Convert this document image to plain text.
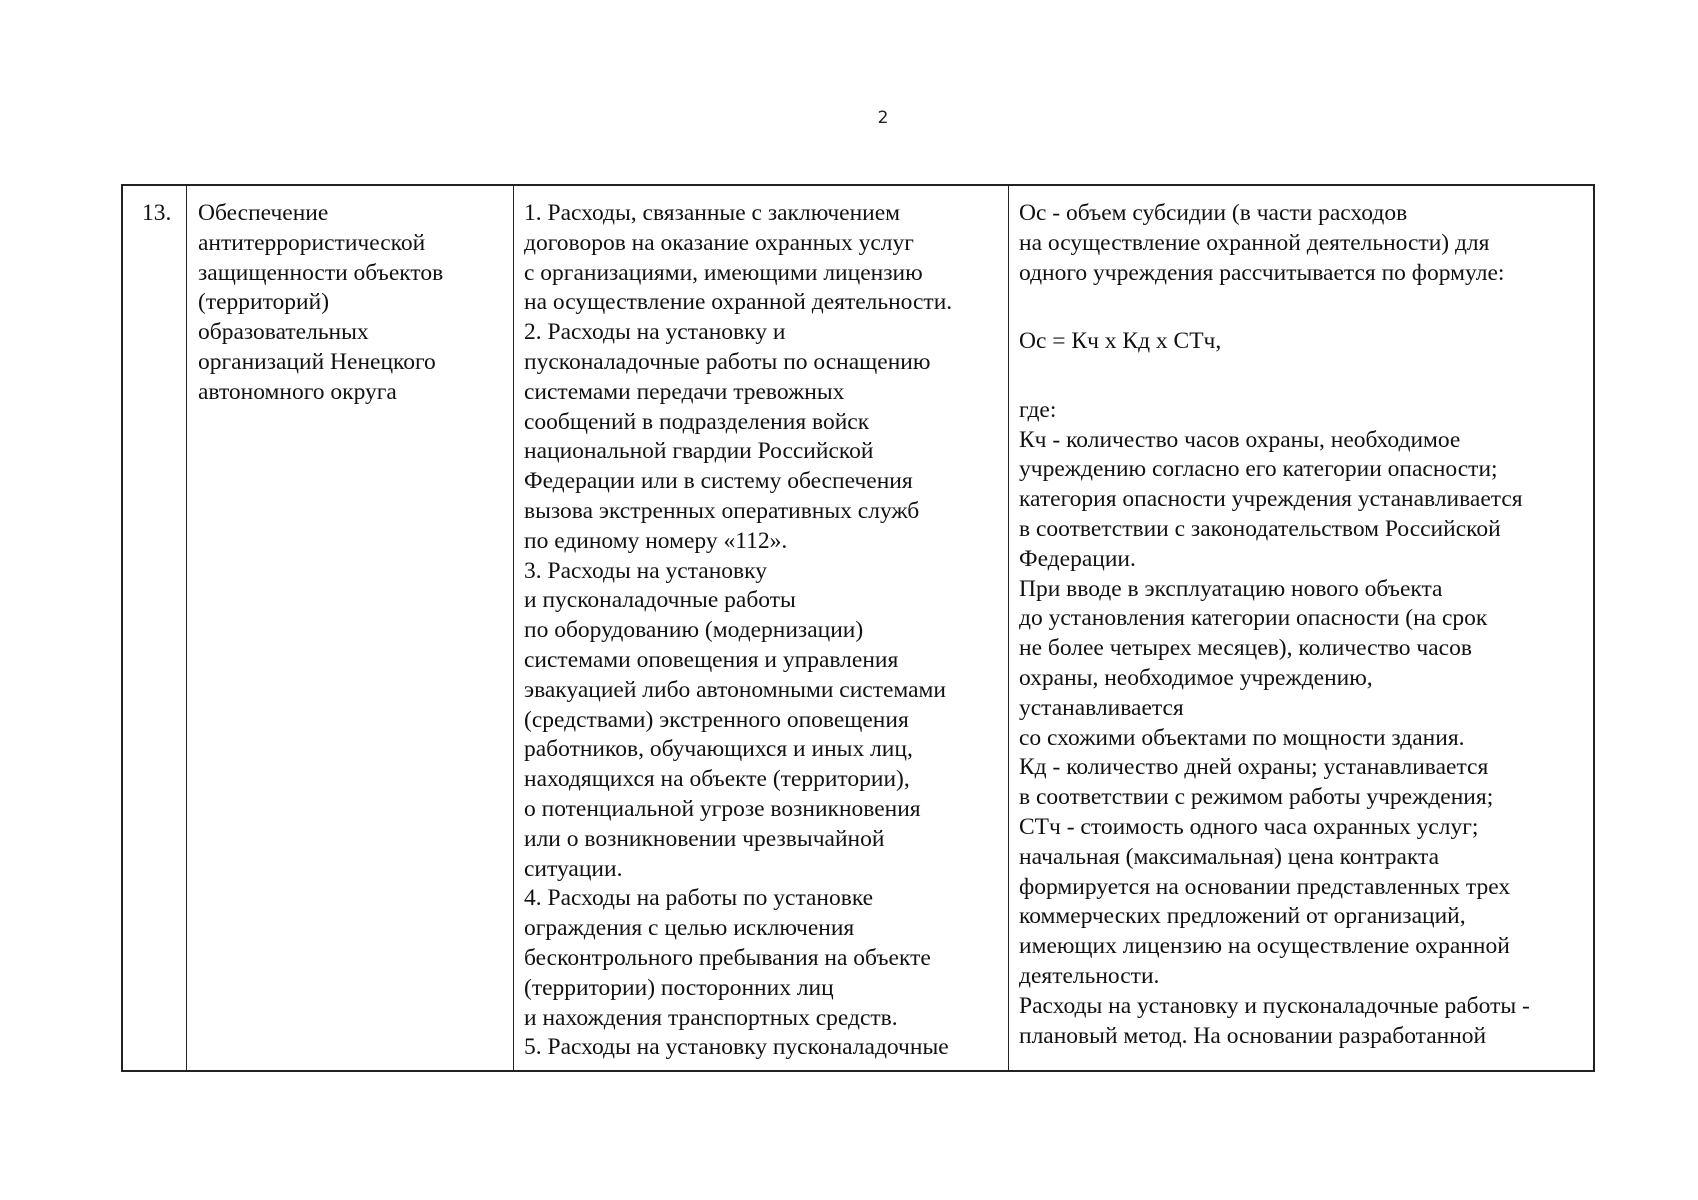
2
13.	Обеспечение
антитеррористической
защищенности объектов
(территорий)
образовательных
организаций Ненецкого
автономного округа
1. Расходы, связанные с заключением
договоров на оказание охранных услуг
с организациями, имеющими лицензию
на осуществление охранной деятельности.
2. Расходы на установку и
пусконаладочные работы по оснащению
системами передачи тревожных
сообщений в подразделения войск
национальной гвардии Российской
Федерации или в систему обеспечения
вызова экстренных оперативных служб
по единому номеру «112».
3. Расходы на установку
и пусконаладочные работы
по оборудованию (модернизации)
системами оповещения и управления
эвакуацией либо автономными системами
(средствами) экстренного оповещения
работников, обучающихся и иных лиц,
находящихся на объекте (территории),
о потенциальной угрозе возникновения
или о возникновении чрезвычайной
ситуации.
4. Расходы на работы по установке
ограждения с целью исключения
бесконтрольного пребывания на объекте
(территории) посторонних лиц
и нахождения транспортных средств.
5. Расходы на установку пусконаладочные
Ос - объем субсидии (в части расходов
на осуществление охранной деятельности) для
одного учреждения рассчитывается по формуле:
Ос = Кч х Кд х СТч,
где:
Кч - количество часов охраны, необходимое
учреждению согласно его категории опасности;
категория опасности учреждения устанавливается
в соответствии с законодательством Российской
Федерации.
При вводе в эксплуатацию нового объекта
до установления категории опасности (на срок
не более четырех месяцев), количество часов
охраны, необходимое учреждению,
устанавливается
со схожими объектами по мощности здания.
Кд - количество дней охраны; устанавливается
в соответствии с режимом работы учреждения;
СТч - стоимость одного часа охранных услуг;
начальная (максимальная) цена контракта
формируется на основании представленных трех
коммерческих предложений от организаций,
имеющих лицензию на осуществление охранной
деятельности.
Расходы на установку и пусконаладочные работы -
плановый метод. На основании разработанной
